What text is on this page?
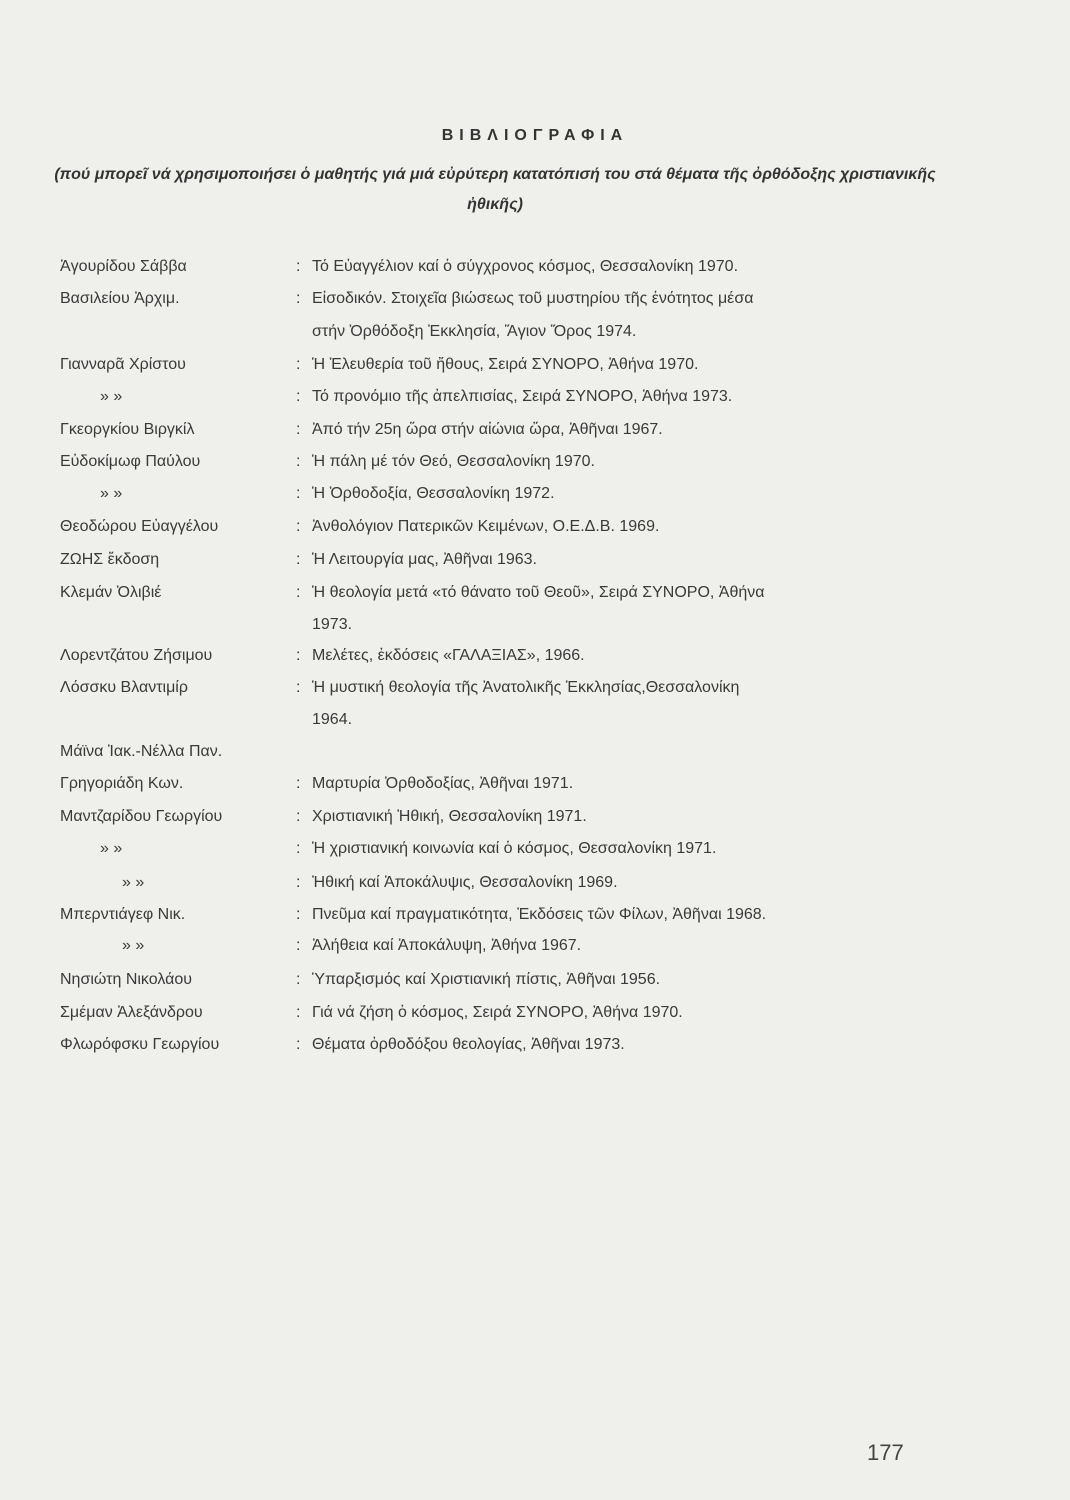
ΒΙΒΛΙΟΓΡΑΦΙΑ
(πού μπορεῖ νά χρησιμοποιήσει ὁ μαθητής γιά μιά εὐρύτερη κατατόπισή του στά θέματα τῆς ὀρθόδοξης χριστιανικῆς ἠθικῆς)
Ἀγουρίδου Σάββα	: Τό Εὐαγγέλιον καί ὁ σύγχρονος κόσμος, Θεσσαλονίκη 1970.
Βασιλείου Ἀρχιμ.	: Εἰσοδικόν. Στοιχεῖα βιώσεως τοῦ μυστηρίου τῆς ἑνότητος μέσα
στήν Ὀρθόδοξη Ἐκκλησία, Ἅγιον Ὄρος 1974.
Γιανναρᾶ Χρίστου	: Ἡ Ἐλευθερία τοῦ ἤθους, Σειρά ΣΥΝΟΡΟ, Ἀθήνα 1970.
» »	: Τό προνόμιο τῆς ἀπελπισίας, Σειρά ΣΥΝΟΡΟ, Ἀθήνα 1973.
Γκεοργκίου Βιργκίλ	: Ἀπό τήν 25η ὥρα στήν αἰώνια ὥρα, Ἀθῆναι 1967.
Εὐδοκίμωφ Παύλου	: Ἡ πάλη μέ τόν Θεό, Θεσσαλονίκη 1970.
» »	: Ἡ Ὀρθοδοξία, Θεσσαλονίκη 1972.
Θεοδώρου Εὐαγγέλου	: Ἀνθολόγιον Πατερικῶν Κειμένων, Ο.Ε.Δ.Β. 1969.
ΖΩΗΣ ἔκδοση	: Ἡ Λειτουργία μας, Ἀθῆναι 1963.
Κλεμάν Ὀλιβιέ	: Ἡ θεολογία μετά «τό θάνατο τοῦ Θεοῦ», Σειρά ΣΥΝΟΡΟ, Ἀθήνα
1973.
Λορεντζάτου Ζήσιμου	: Μελέτες, ἐκδόσεις «ΓΑΛΑΞΙΑΣ», 1966.
Λόσσκυ Βλαντιμίρ	: Ἡ μυστική θεολογία τῆς Ἀνατολικῆς Ἐκκλησίας,Θεσσαλονίκη
1964.
Μάϊνα Ἰακ.-Νέλλα Παν.
Γρηγοριάδη Κων.	: Μαρτυρία Ὀρθοδοξίας, Ἀθῆναι 1971.
Μαντζαρίδου Γεωργίου	: Χριστιανική Ἠθική, Θεσσαλονίκη 1971.
» »	: Ἡ χριστιανική κοινωνία καί ὁ κόσμος, Θεσσαλονίκη 1971.
» »	: Ἠθική καί Ἀποκάλυψις, Θεσσαλονίκη 1969.
Μπερντιάγεφ Νικ.	: Πνεῦμα καί πραγματικότητα, Ἐκδόσεις τῶν Φίλων, Ἀθῆναι 1968.
» »	: Ἀλήθεια καί Ἀποκάλυψη, Ἀθήνα 1967.
Νησιώτη Νικολάου	: Ὑπαρξισμός καί Χριστιανική πίστις, Ἀθῆναι 1956.
Σμέμαν Ἀλεξάνδρου	: Γιά νά ζήση ὁ κόσμος, Σειρά ΣΥΝΟΡΟ, Ἀθήνα 1970.
Φλωρόφσκυ Γεωργίου	: Θέματα ὀρθοδόξου θεολογίας, Ἀθῆναι 1973.
177
